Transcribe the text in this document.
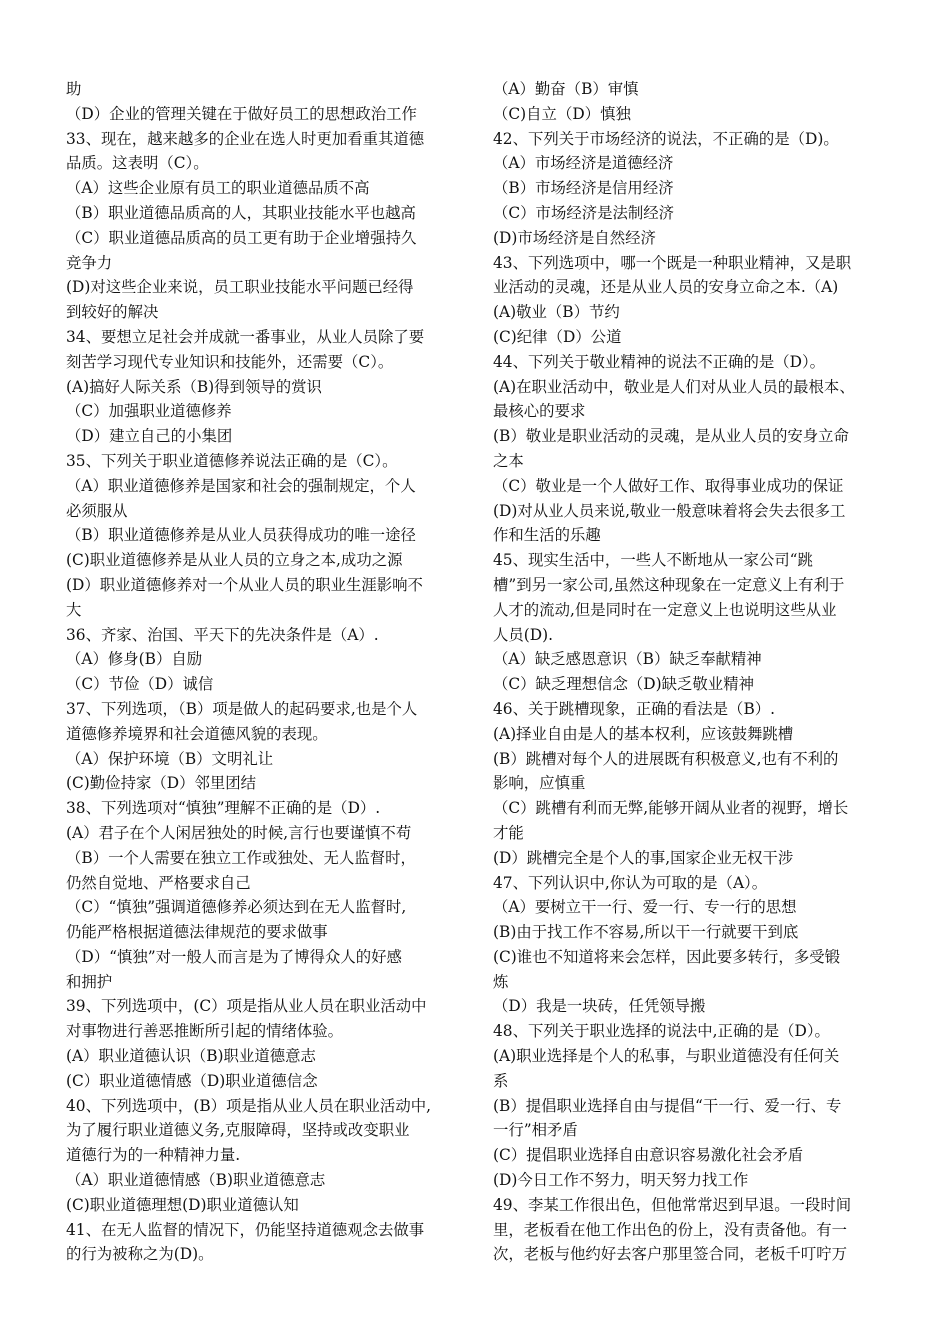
助
（D）企业的管理关键在于做好员工的思想政治工作
33、现在，越来越多的企业在选人时更加看重其道德
品质。这表明（C）。
（A）这些企业原有员工的职业道德品质不高
（B）职业道德品质高的人，其职业技能水平也越高
（C）职业道德品质高的员工更有助于企业增强持久
竞争力
(D)对这些企业来说，员工职业技能水平问题已经得
到较好的解决
34、要想立足社会并成就一番事业，从业人员除了要
刻苦学习现代专业知识和技能外，还需要（C）。
(A)搞好人际关系（B)得到领导的赏识
（C）加强职业道德修养
（D）建立自己的小集团
35、下列关于职业道德修养说法正确的是（C）。
（A）职业道德修养是国家和社会的强制规定，个人
必须服从
（B）职业道德修养是从业人员获得成功的唯一途径
(C)职业道德修养是从业人员的立身之本,成功之源
(D）职业道德修养对一个从业人员的职业生涯影响不
大
36、齐家、治国、平天下的先决条件是（A）.
（A）修身(B）自励
（C）节俭（D）诚信
37、下列选项，（B）项是做人的起码要求,也是个人
道德修养境界和社会道德风貌的表现。
（A）保护环境（B）文明礼让
(C)勤俭持家（D）邻里团结
38、下列选项对“慎独”理解不正确的是（D）.
(A）君子在个人闲居独处的时候,言行也要谨慎不苟
（B）一个人需要在独立工作或独处、无人监督时，
仍然自觉地、严格要求自己
（C）“慎独”强调道德修养必须达到在无人监督时,
仍能严格根据道德法律规范的要求做事
（D）“慎独”对一般人而言是为了博得众人的好感
和拥护
39、下列选项中，(C）项是指从业人员在职业活动中
对事物进行善恶推断所引起的情绪体验。
(A）职业道德认识（B)职业道德意志
(C）职业道德情感（D)职业道德信念
40、下列选项中，(B）项是指从业人员在职业活动中,
为了履行职业道德义务,克服障碍，坚持或改变职业
道德行为的一种精神力量.
（A）职业道德情感（B)职业道德意志
(C)职业道德理想(D)职业道德认知
41、在无人监督的情况下，仍能坚持道德观念去做事
的行为被称之为(D)。
（A）勤奋（B）审慎
（C)自立（D）慎独
42、下列关于市场经济的说法，不正确的是（D)。
（A）市场经济是道德经济
（B）市场经济是信用经济
（C）市场经济是法制经济
(D)市场经济是自然经济
43、下列选项中，哪一个既是一种职业精神，又是职
业活动的灵魂，还是从业人员的安身立命之本.（A)
(A)敬业（B）节约
(C)纪律（D）公道
44、下列关于敬业精神的说法不正确的是（D）。
(A)在职业活动中，敬业是人们对从业人员的最根本、
最核心的要求
(B）敬业是职业活动的灵魂，是从业人员的安身立命
之本
（C）敬业是一个人做好工作、取得事业成功的保证
(D)对从业人员来说,敬业一般意味着将会失去很多工
作和生活的乐趣
45、现实生活中，一些人不断地从一家公司“跳
槽”到另一家公司,虽然这种现象在一定意义上有利于
人才的流动,但是同时在一定意义上也说明这些从业
人员(D).
（A）缺乏感恩意识（B）缺乏奉献精神
（C）缺乏理想信念（D)缺乏敬业精神
46、关于跳槽现象，正确的看法是（B）.
(A)择业自由是人的基本权利，应该鼓舞跳槽
(B）跳槽对每个人的进展既有积极意义,也有不利的
影响，应慎重
（C）跳槽有利而无弊,能够开阔从业者的视野，增长
才能
(D）跳槽完全是个人的事,国家企业无权干涉
47、下列认识中,你认为可取的是（A）。
（A）要树立干一行、爱一行、专一行的思想
(B)由于找工作不容易,所以干一行就要干到底
(C)谁也不知道将来会怎样，因此要多转行，多受锻
炼
（D）我是一块砖，任凭领导搬
48、下列关于职业选择的说法中,正确的是（D）。
(A)职业选择是个人的私事，与职业道德没有任何关
系
(B）提倡职业选择自由与提倡“干一行、爱一行、专
一行”相矛盾
(C）提倡职业选择自由意识容易激化社会矛盾
(D)今日工作不努力，明天努力找工作
49、李某工作很出色，但他常常迟到早退。一段时间
里，老板看在他工作出色的份上，没有责备他。有一
次，老板与他约好去客户那里签合同，老板千叮咛万
